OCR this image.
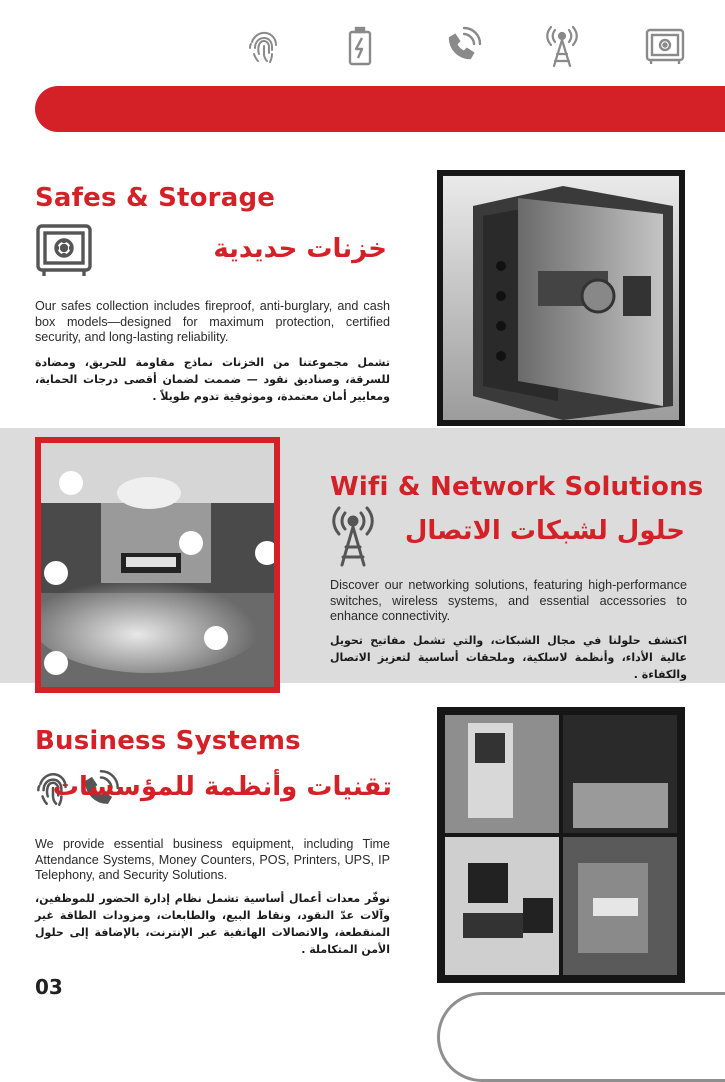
Safes & Storage
خزنات حديدية
Our safes collection includes fireproof, anti-burglary, and cash box models—designed for maximum protection, certified security, and long-lasting reliability.
تشمل مجموعتنا من الخزنات نماذج مقاومة للحريق، ومضادة للسرقة، وصناديق نقود — ضممت لضمان أقصى درجات الحماية، ومعايير أمان معتمدة، وموثوقية تدوم طويلاً .
Wifi & Network Solutions
حلول لشبكات الاتصال
Discover our networking solutions, featuring high-performance switches, wireless systems, and essential accessories to enhance connectivity.
اكتشف حلولنا في مجال الشبكات، والتي تشمل مفاتيح تحويل عالية الأداء، وأنظمة لاسلكية، وملحقات أساسية لتعزيز الاتصال والكفاءة .
Business Systems
تقنيات وأنظمة للمؤسسات
We provide essential business equipment, including Time Attendance Systems, Money Counters, POS, Printers, UPS, IP Telephony, and Security Solutions.
نوفّر معدات أعمال أساسية تشمل نظام إدارة الحضور للموظفين، وآلات عدّ النقود، ونقاط البيع، والطابعات، ومزودات الطاقة غير المنقطعة، والاتصالات الهاتفية عبر الإنترنت، بالإضافة إلى حلول الأمن المتكاملة .
03
